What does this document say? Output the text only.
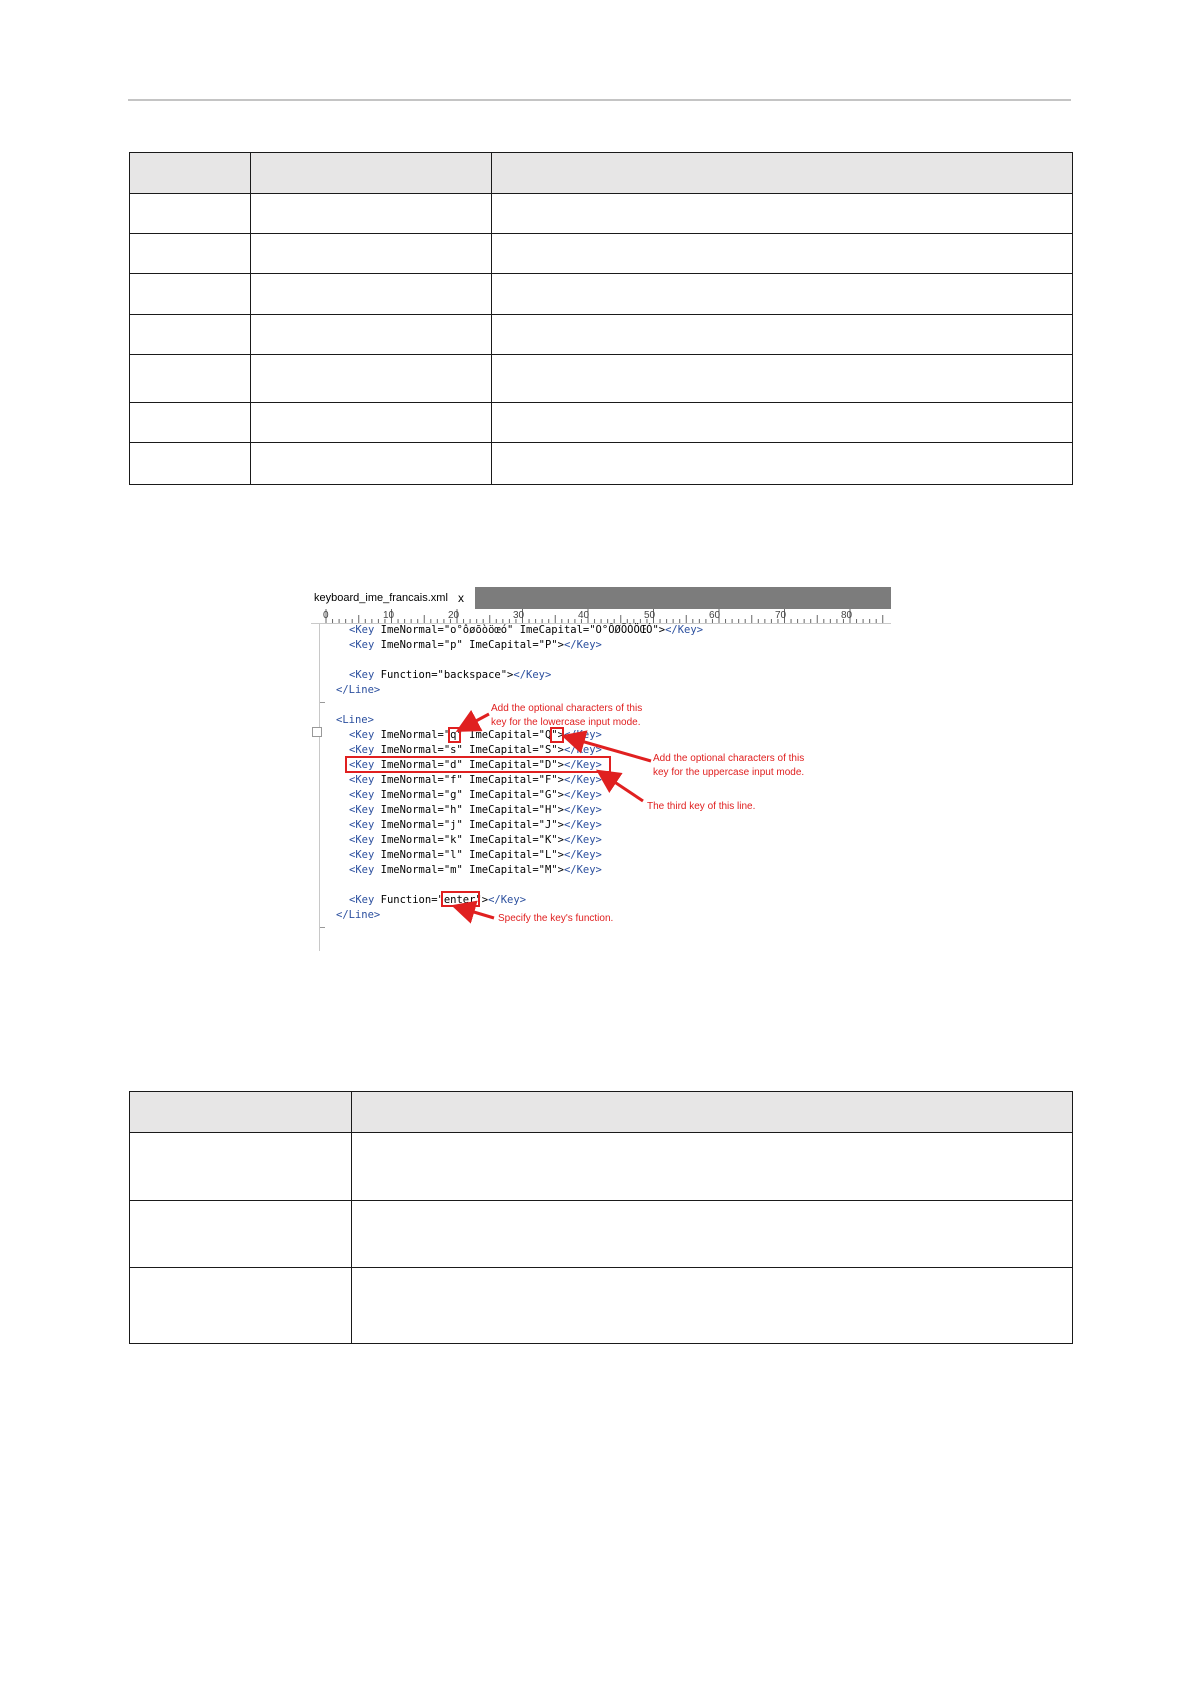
keyboard_ime_francais.xml x
0	10	20	30	40	50	60	70	80
<Key ImeNormal="o°ôøõòöœó" ImeCapital="O°ÔØÕÒÖŒÓ"></Key>
<Key ImeNormal="p" ImeCapital="P"></Key>
<Key Function="backspace"></Key>
</Line>
<Line>
<Key ImeNormal="q" ImeCapital="Q"></Key>
<Key ImeNormal="s" ImeCapital="S"></Key>
<Key ImeNormal="d" ImeCapital="D"></Key>
<Key ImeNormal="f" ImeCapital="F"></Key>
<Key ImeNormal="g" ImeCapital="G"></Key>
<Key ImeNormal="h" ImeCapital="H"></Key>
<Key ImeNormal="j" ImeCapital="J"></Key>
<Key ImeNormal="k" ImeCapital="K"></Key>
<Key ImeNormal="l" ImeCapital="L"></Key>
<Key ImeNormal="m" ImeCapital="M"></Key>
<Key Function="enter"></Key>
</Line>
Add the optional characters of this
key for the lowercase input mode.
Add the optional characters of this
key for the uppercase input mode.
The third key of this line.
Specify the key's function.
